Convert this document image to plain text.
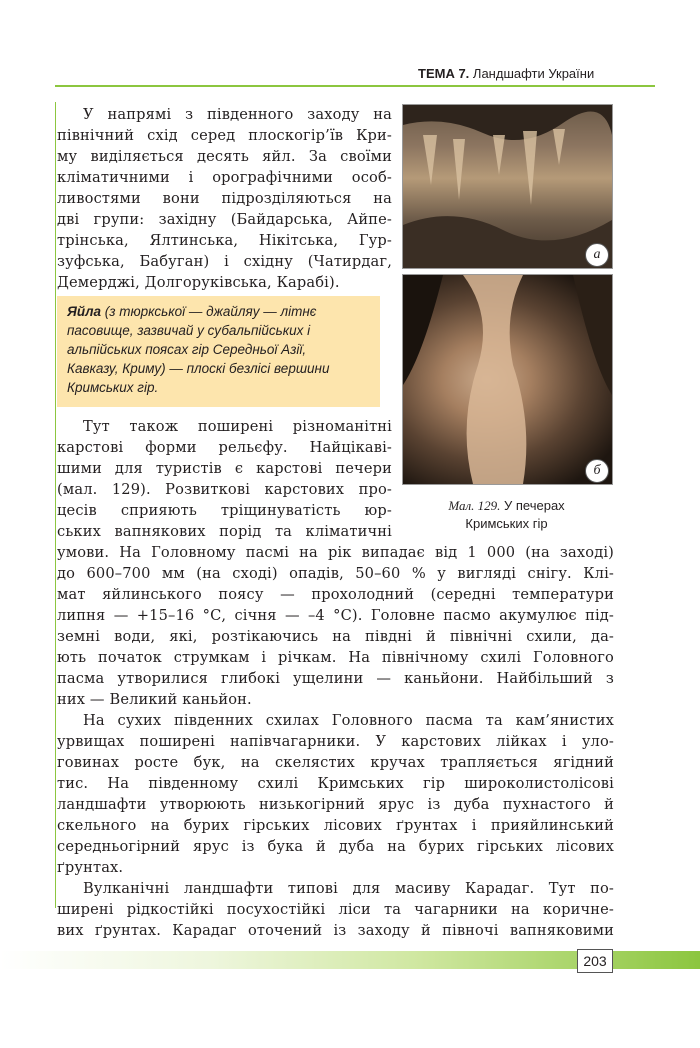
ТЕМА 7. Ландшафти України
У напрямі з південного заходу на
північний схід серед плоскогір’їв Кри-
му виділяється десять яйл. За своїми
кліматичними і орографічними особ-
ливостями вони підрозділяються на
дві групи: західну (Байдарська, Айпе-
трінська, Ялтинська, Нікітська, Гур-
зуфська, Бабуган) і східну (Чатирдаг,
Демерджі, Долгоруківська, Карабі).
Яйла (з тюркської — джайляу — літнє
пасовище, зазвичай у субальпійських і
альпійських поясах гір Середньої Азії,
Кавказу, Криму) — плоскі безлісі вершини
Кримських гір.
Тут також поширені різноманітні
карстові форми рельєфу. Найцікаві-
шими для туристів є карстові печери
(мал. 129). Розвиткові карстових про-
цесів сприяють тріщинуватість юр-
ських вапнякових порід та кліматичні
умови. На Головному пасмі на рік випадає від 1 000 (на заході)
до 600–700 мм (на сході) опадів, 50–60 % у вигляді снігу. Клі-
мат яйлинського поясу — прохолодний (середні температури
липня — +15–16 °С, січня — –4 °С). Головне пасмо акумулює під-
земні води, які, розтікаючись на півдні й північні схили, да-
ють початок струмкам і річкам. На північному схилі Головного
пасма утворилися глибокі ущелини — каньйони. Найбільший з
них — Великий каньйон.
На сухих південних схилах Головного пасма та кам’янистих
урвищах поширені напівчагарники. У карстових лійках і уло-
говинах росте бук, на скелястих кручах трапляється ягідний
тис. На південному схилі Кримських гір широколистолісові
ландшафти утворюють низькогірний ярус із дуба пухнастого й
скельного на бурих гірських лісових ґрунтах і прияйлинський
середньогірний ярус із бука й дуба на бурих гірських лісових
ґрунтах.
Вулканічні ландшафти типові для масиву Карадаг. Тут по-
ширені рідкостійкі посухостійкі ліси та чагарники на коричне-
вих ґрунтах. Карадаг оточений із заходу й півночі вапняковими
а
б
Мал. 129. У печерах
Кримських гір
203
